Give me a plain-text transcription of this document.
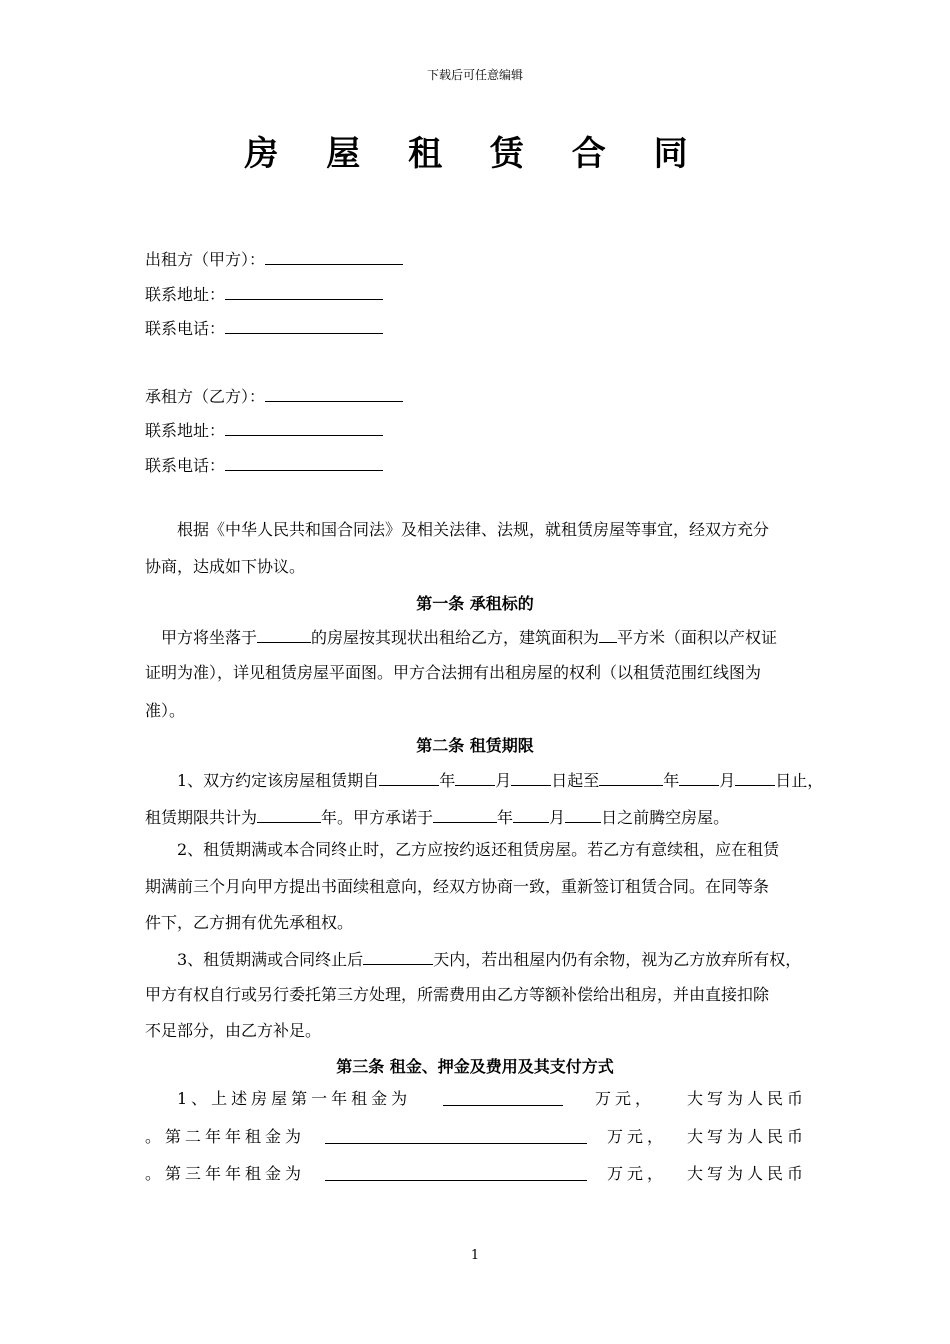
下载后可任意编辑
房 屋 租 赁 合 同
出租方（甲方）：
联系地址：
联系电话：
承租方（乙方）：
联系地址：
联系电话：
根据《中华人民共和国合同法》及相关法律、法规，就租赁房屋等事宜，经双方充分
协商，达成如下协议。
第一条 承租标的
甲方将坐落于	的房屋按其现状出租给乙方，建筑面积为 平方米（面积以产权证
证明为准），详见租赁房屋平面图。甲方合法拥有出租房屋的权利（以租赁范围红线图为
准）。
第二条 租赁期限
1、双方约定该房屋租赁期自	年	月	日起至	年	月	日止，
租赁期限共计为	年。甲方承诺于	年 月 日之前腾空房屋。
2、租赁期满或本合同终止时，乙方应按约返还租赁房屋。若乙方有意续租，应在租赁
期满前三个月向甲方提出书面续租意向，经双方协商一致，重新签订租赁合同。在同等条
件下，乙方拥有优先承租权。
3、租赁期满或合同终止后	天内，若出租屋内仍有余物，视为乙方放弃所有权，
甲方有权自行或另行委托第三方处理，所需费用由乙方等额补偿给出租房，并由直接扣除
不足部分，由乙方补足。
第三条 租金、押金及费用及其支付方式
1、上述房屋第一年租金为	万元， 大写为人民币
。第二年年租金为	万元， 大写为人民币
。第三年年租金为	万元， 大写为人民币
1
